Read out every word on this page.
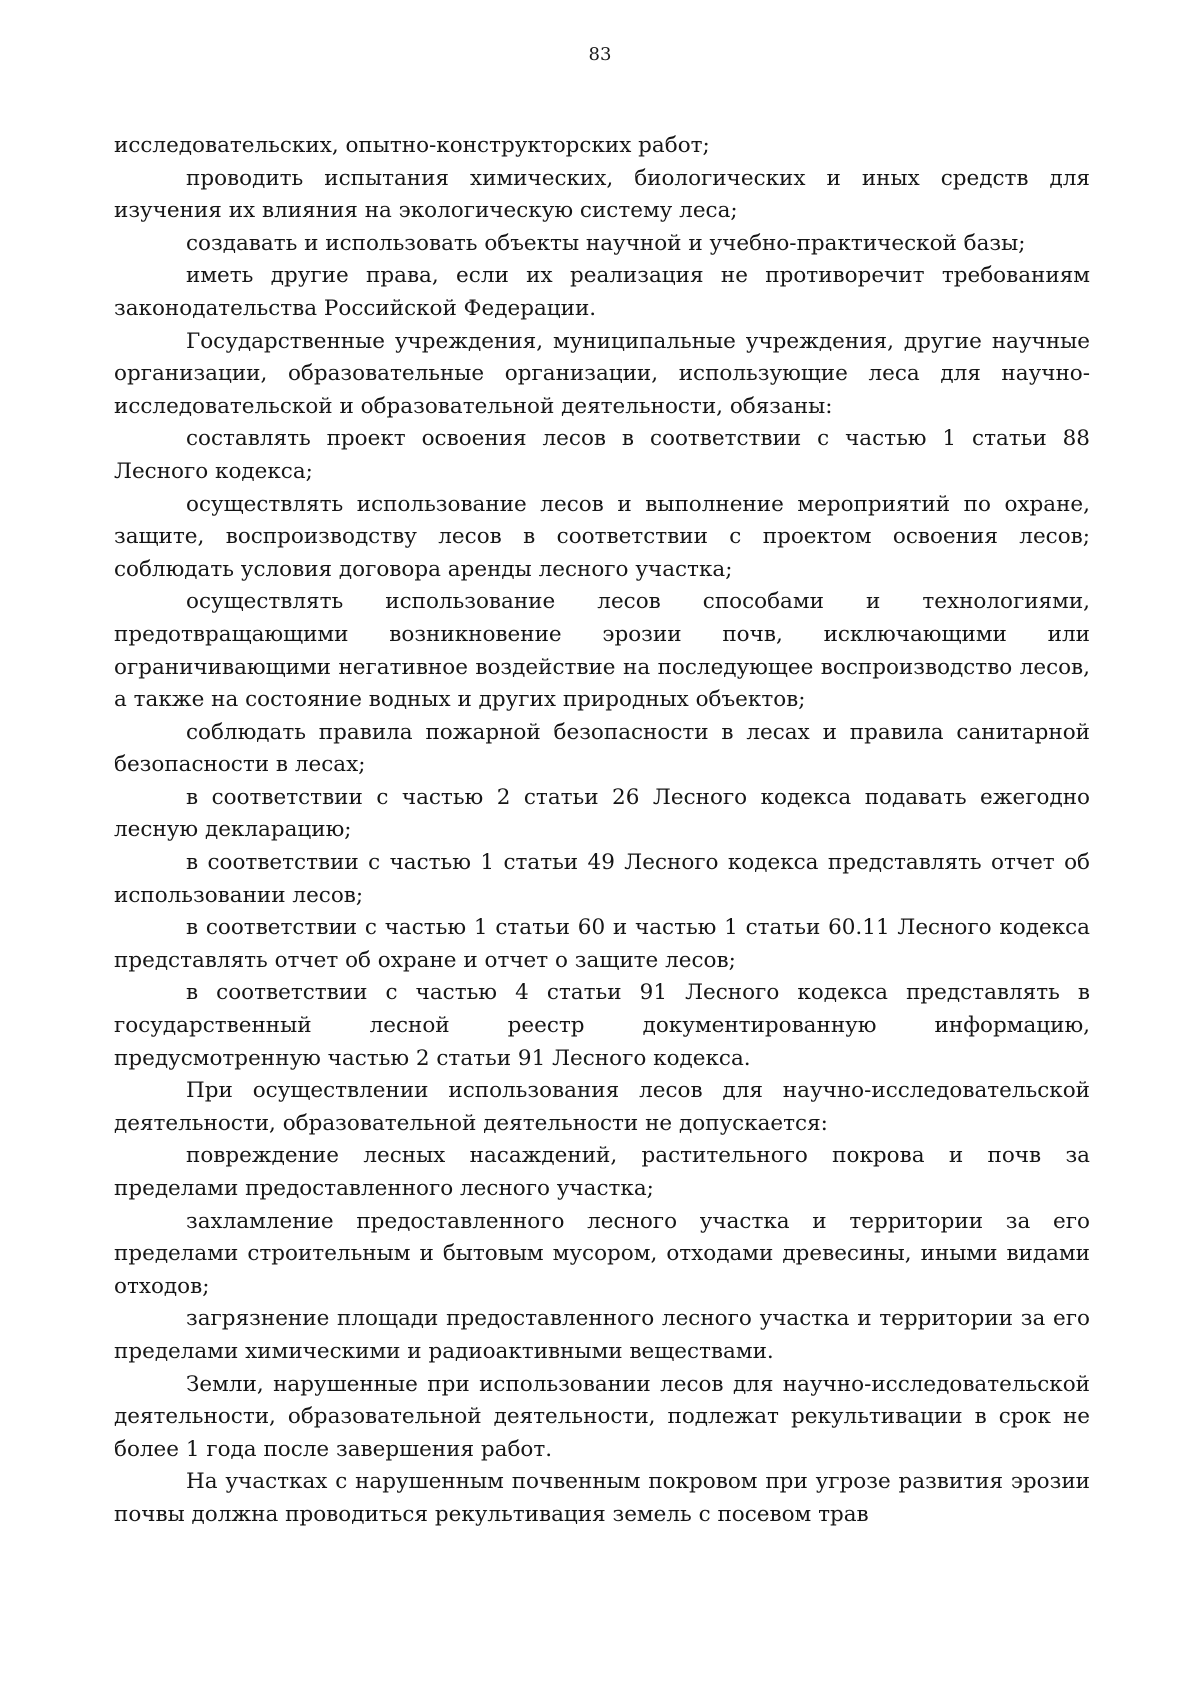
83

исследовательских, опытно-конструкторских работ;

проводить испытания химических, биологических и иных средств для изучения их влияния на экологическую систему леса;

создавать и использовать объекты научной и учебно-практической базы;

иметь другие права, если их реализация не противоречит требованиям законодательства Российской Федерации.

Государственные учреждения, муниципальные учреждения, другие научные организации, образовательные организации, использующие леса для научно-исследовательской и образовательной деятельности, обязаны:

составлять проект освоения лесов в соответствии с частью 1 статьи 88 Лесного кодекса;

осуществлять использование лесов и выполнение мероприятий по охране, защите, воспроизводству лесов в соответствии с проектом освоения лесов; соблюдать условия договора аренды лесного участка;

осуществлять использование лесов способами и технологиями, предотвращающими возникновение эрозии почв, исключающими или ограничивающими негативное воздействие на последующее воспроизводство лесов, а также на состояние водных и других природных объектов;

соблюдать правила пожарной безопасности в лесах и правила санитарной безопасности в лесах;

в соответствии с частью 2 статьи 26 Лесного кодекса подавать ежегодно лесную декларацию;

в соответствии с частью 1 статьи 49 Лесного кодекса представлять отчет об использовании лесов;

в соответствии с частью 1 статьи 60 и частью 1 статьи 60.11 Лесного кодекса представлять отчет об охране и отчет о защите лесов;

в соответствии с частью 4 статьи 91 Лесного кодекса представлять в государственный лесной реестр документированную информацию, предусмотренную частью 2 статьи 91 Лесного кодекса.

При осуществлении использования лесов для научно-исследовательской деятельности, образовательной деятельности не допускается:

повреждение лесных насаждений, растительного покрова и почв за пределами предоставленного лесного участка;

захламление предоставленного лесного участка и территории за его пределами строительным и бытовым мусором, отходами древесины, иными видами отходов;

загрязнение площади предоставленного лесного участка и территории за его пределами химическими и радиоактивными веществами.

Земли, нарушенные при использовании лесов для научно-исследовательской деятельности, образовательной деятельности, подлежат рекультивации в срок не более 1 года после завершения работ.

На участках с нарушенным почвенным покровом при угрозе развития эрозии почвы должна проводиться рекультивация земель с посевом трав
